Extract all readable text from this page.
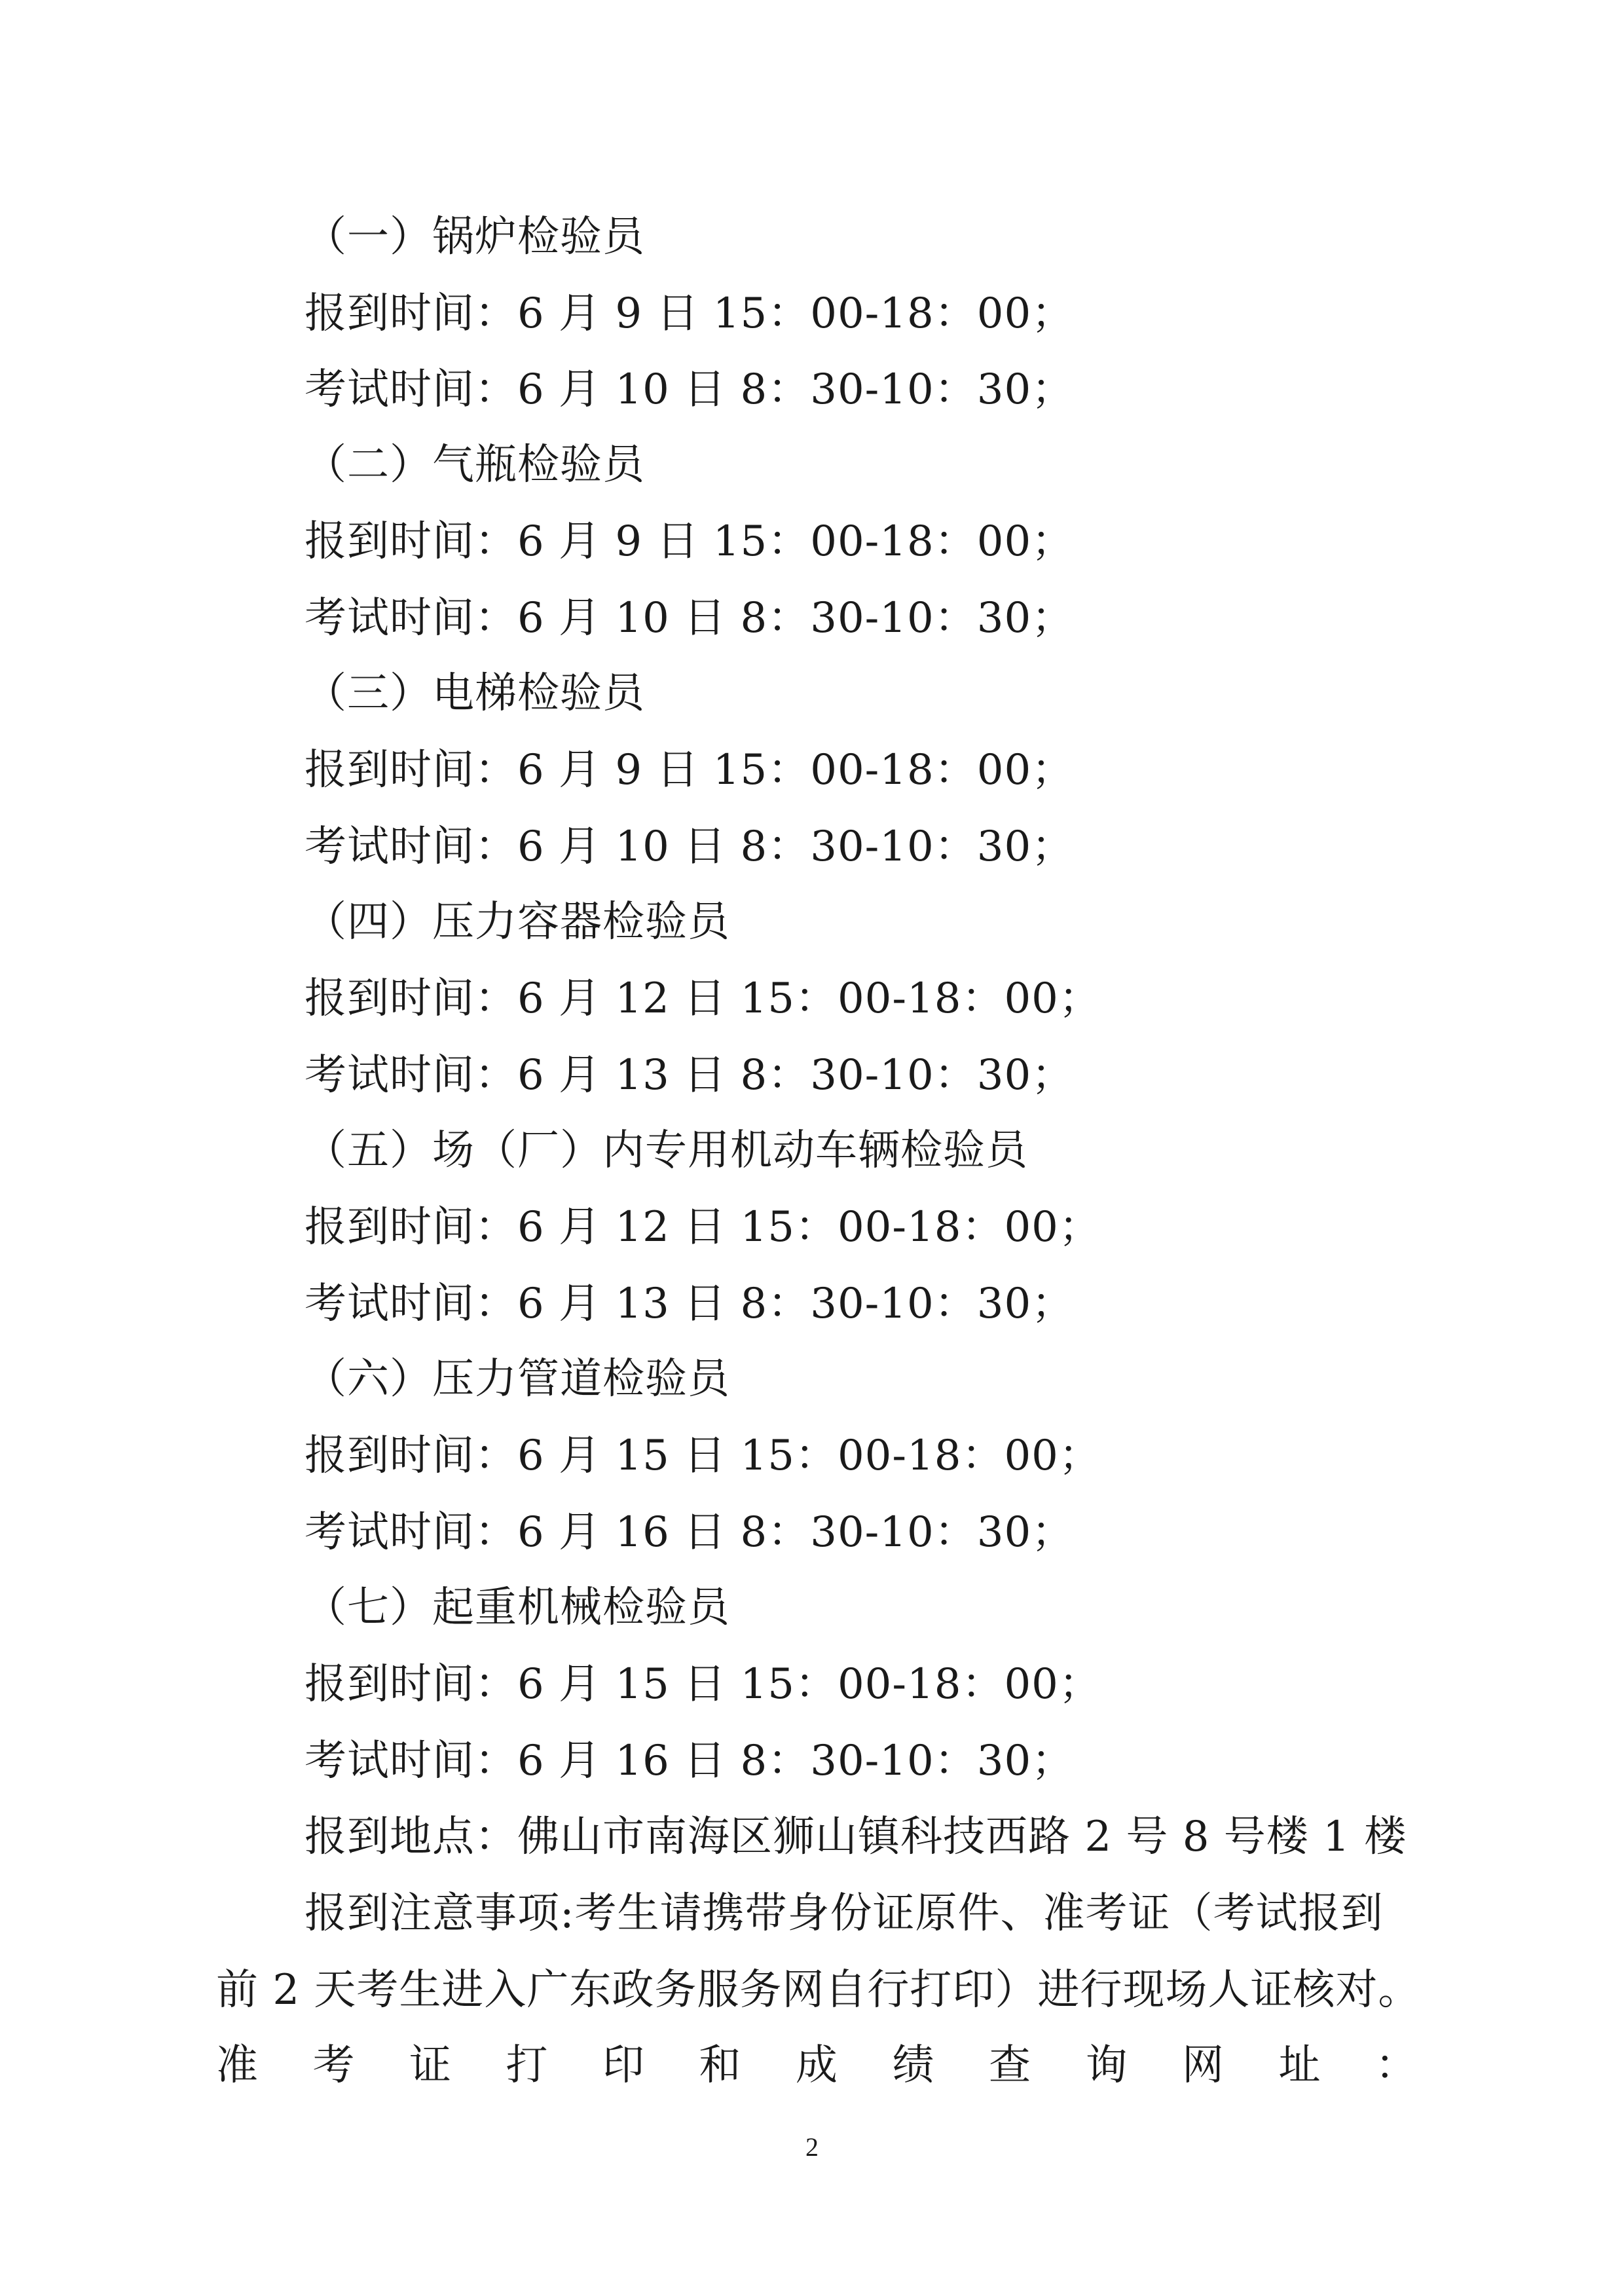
（一）锅炉检验员
报到时间：6 月 9 日 15：00-18：00；
考试时间：6 月 10 日 8：30-10：30；
（二）气瓶检验员
报到时间：6 月 9 日 15：00-18：00；
考试时间：6 月 10 日 8：30-10：30；
（三）电梯检验员
报到时间：6 月 9 日 15：00-18：00；
考试时间：6 月 10 日 8：30-10：30；
（四）压力容器检验员
报到时间：6 月 12 日 15：00-18：00；
考试时间：6 月 13 日 8：30-10：30；
（五）场（厂）内专用机动车辆检验员
报到时间：6 月 12 日 15：00-18：00；
考试时间：6 月 13 日 8：30-10：30；
（六）压力管道检验员
报到时间：6 月 15 日 15：00-18：00；
考试时间：6 月 16 日 8：30-10：30；
（七）起重机械检验员
报到时间：6 月 15 日 15：00-18：00；
考试时间：6 月 16 日 8：30-10：30；
报到地点：佛山市南海区狮山镇科技西路 2 号 8 号楼 1 楼
报到注意事项:考生请携带身份证原件、准考证（考试报到
前 2 天考生进入广东政务服务网自行打印）进行现场人证核对。
准 考 证 打 印 和 成 绩 查 询 网 址 ：
2
